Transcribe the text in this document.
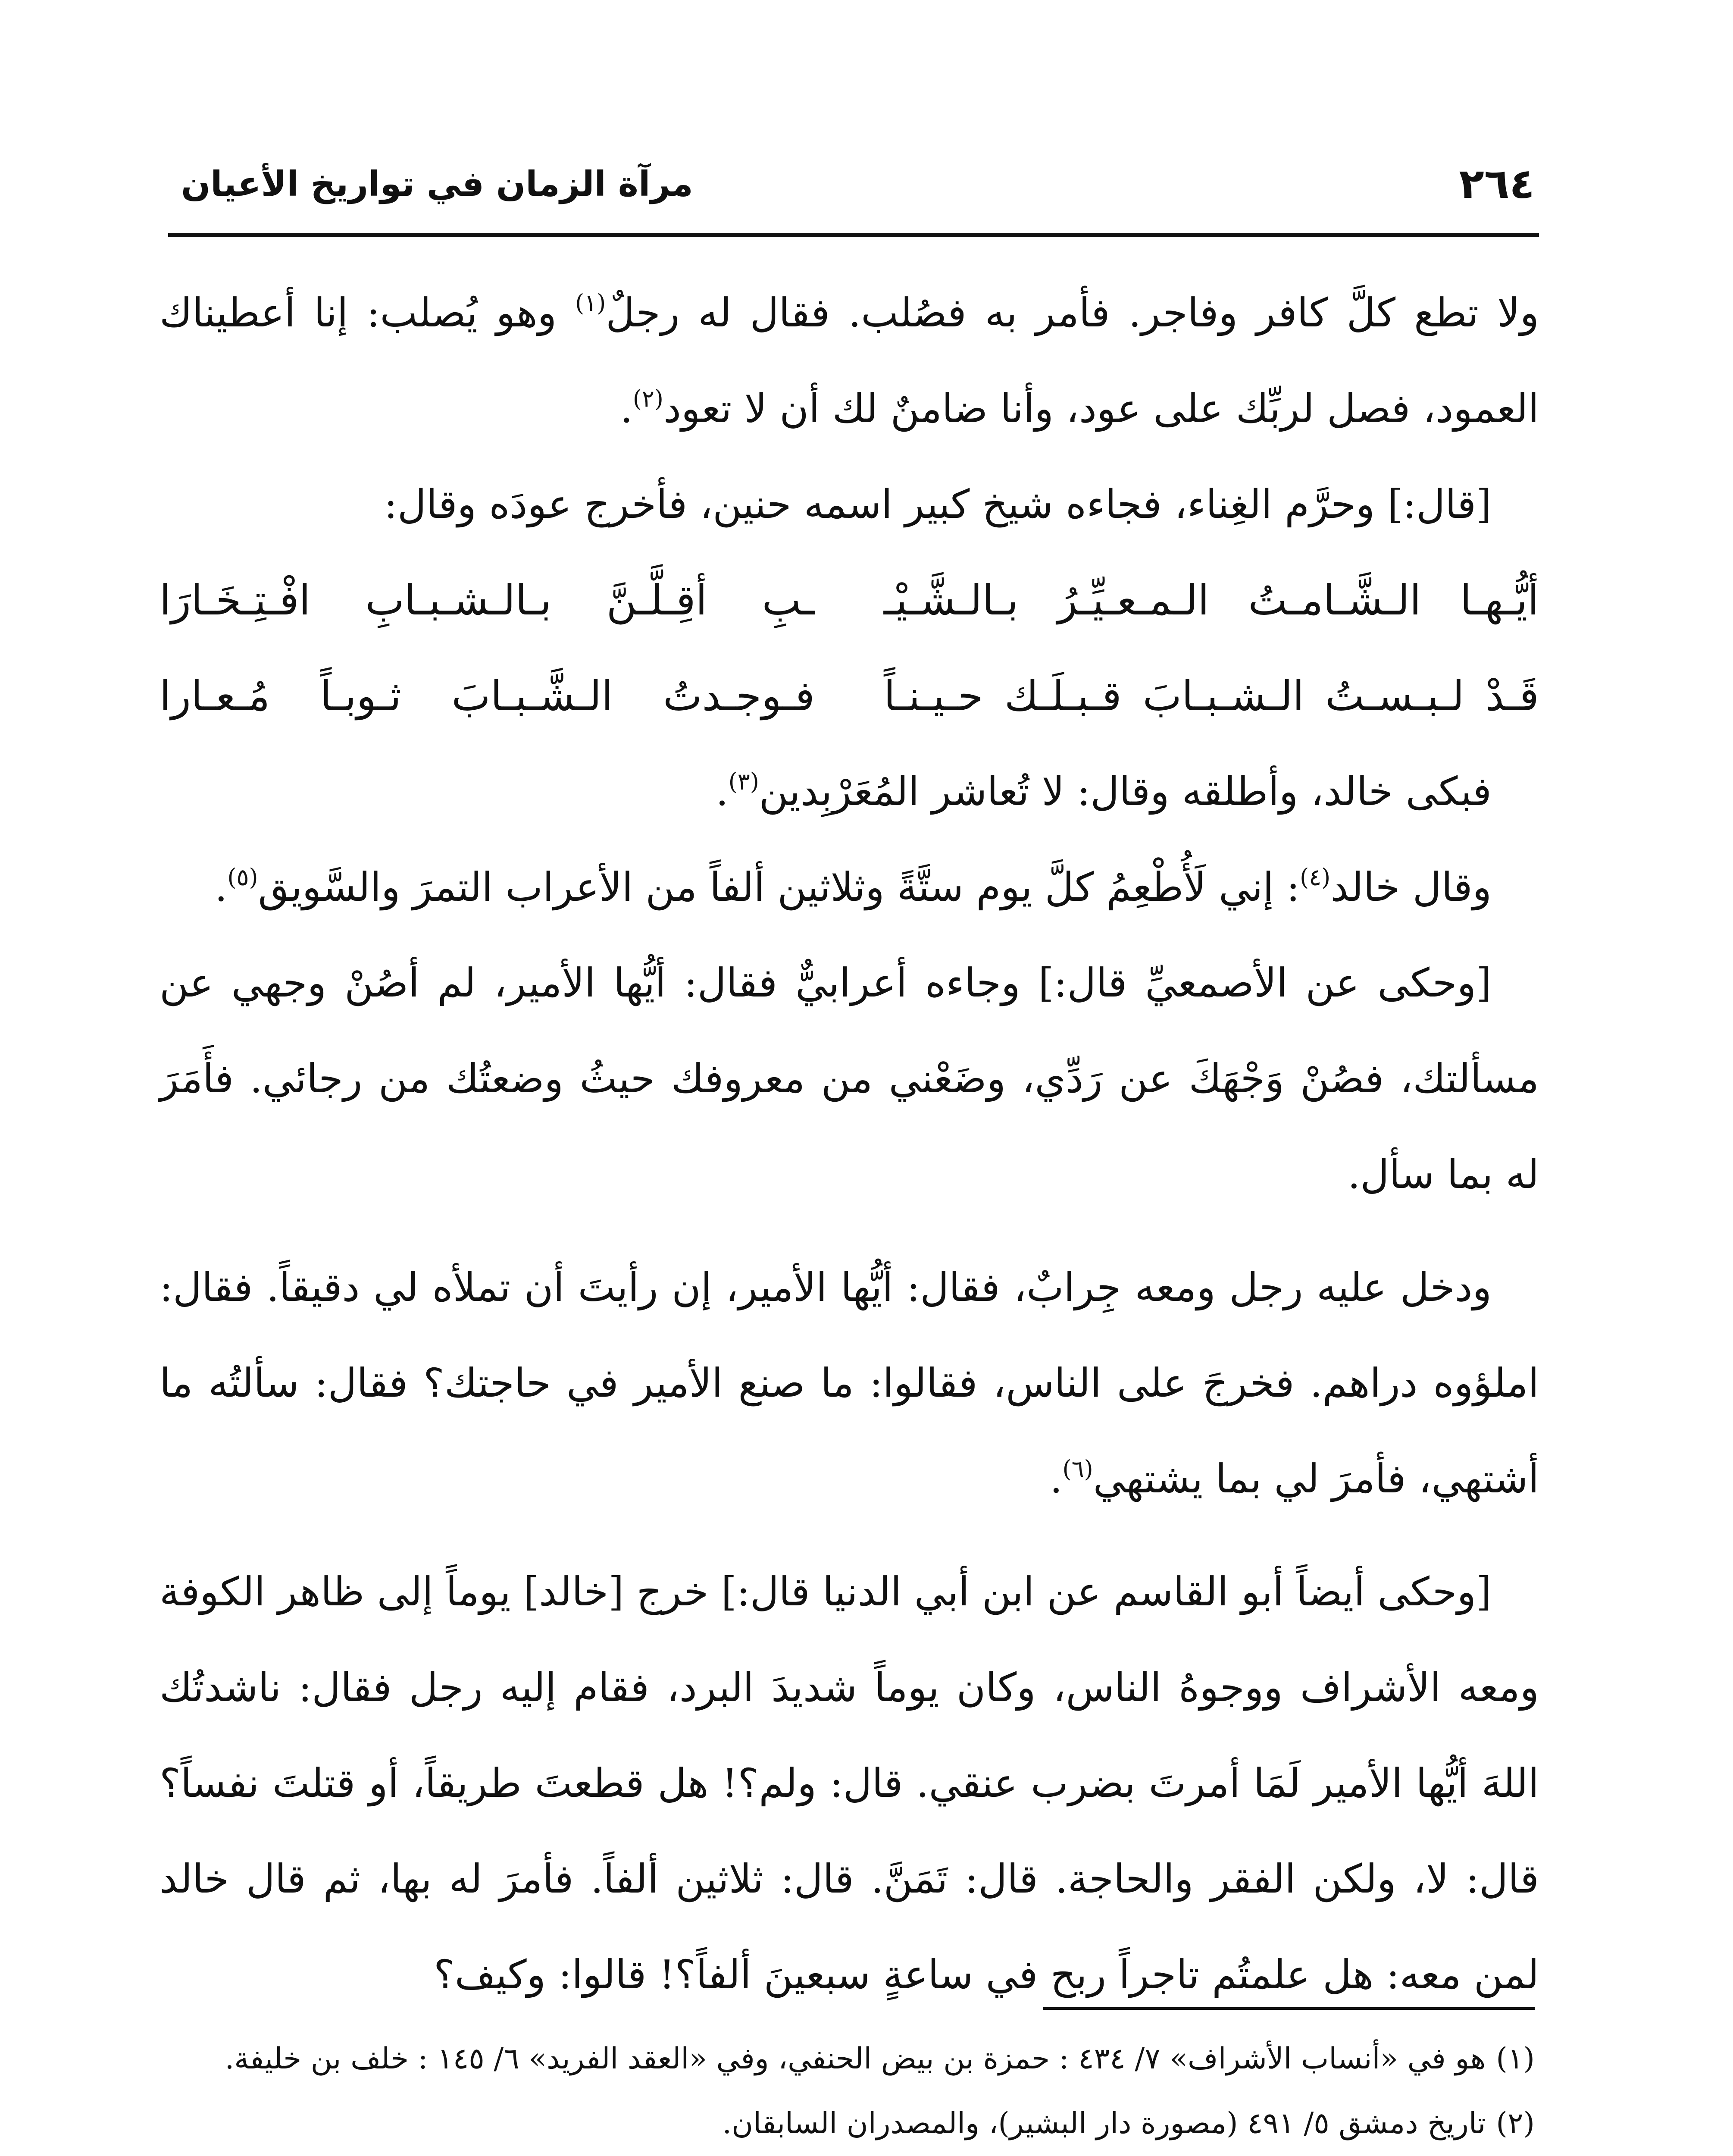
٢٦٤
مرآة الزمان في تواريخ الأعيان

ولا تطع كلَّ كافر وفاجر. فأمر به فصُلب. فقال له رجلٌ$^{(١)}$ وهو يُصلب: إنا أعطيناك العمود، فصل لربِّك على عود، وأنا ضامنٌ لك أن لا تعود$^{(٢)}$.

[قال:] وحرَّم الغِناء، فجاءه شيخ كبير اسمه حنين، فأخرج عودَه وقال:

أيُّـهـا الـشَّـامـتُ الـمـعـيِّـرُ بـالـشَّـيْـ
ـبِ أقِـلَّـنَّ بـالـشـبـابِ افْـتِـخَـارَا
قَـدْ لـبـسـتُ الـشـبـابَ قـبـلَـك حـيـنـاً
فـوجـدتُ الـشَّـبـابَ ثـوبـاً مُـعـارا

فبكى خالد، وأطلقه وقال: لا تُعاشر المُعَرْبِدين$^{(٣)}$.

وقال خالد$^{(٤)}$: إني لَأُطْعِمُ كلَّ يوم ستَّةً وثلاثين ألفاً من الأعراب التمرَ والسَّويق$^{(٥)}$.

[وحكى عن الأصمعيِّ قال:] وجاءه أعرابيٌّ فقال: أيُّها الأمير، لم أصُنْ وجهي عن مسألتك، فصُنْ وَجْهَكَ عن رَدِّي، وضَعْني من معروفك حيثُ وضعتُك من رجائي. فأَمَرَ له بما سأل.

ودخل عليه رجل ومعه جِرابٌ، فقال: أيُّها الأمير، إن رأيتَ أن تملأه لي دقيقاً. فقال: املؤوه دراهم. فخرجَ على الناس، فقالوا: ما صنع الأمير في حاجتك؟ فقال: سألتُه ما أشتهي، فأمرَ لي بما يشتهي$^{(٦)}$.

[وحكى أيضاً أبو القاسم عن ابن أبي الدنيا قال:] خرج [خالد] يوماً إلى ظاهر الكوفة ومعه الأشراف ووجوهُ الناس، وكان يوماً شديدَ البرد، فقام إليه رجل فقال: ناشدتُك اللهَ أيُّها الأمير لَمَا أمرتَ بضرب عنقي. قال: ولم؟! هل قطعتَ طريقاً، أو قتلتَ نفساً؟ قال: لا، ولكن الفقر والحاجة. قال: تَمَنَّ. قال: ثلاثين ألفاً. فأمرَ له بها، ثم قال خالد لمن معه: هل علمتُم تاجراً ربح في ساعةٍ سبعينَ ألفاً؟! قالوا: وكيف؟

(١)هو في «أنساب الأشراف» ٧/ ٤٣٤ : حمزة بن بيض الحنفي، وفي «العقد الفريد» ٦/ ١٤٥ : خلف بن خليفة.

(٢)تاريخ دمشق ٥/ ٤٩١ (مصورة دار البشير)، والمصدران السابقان.
